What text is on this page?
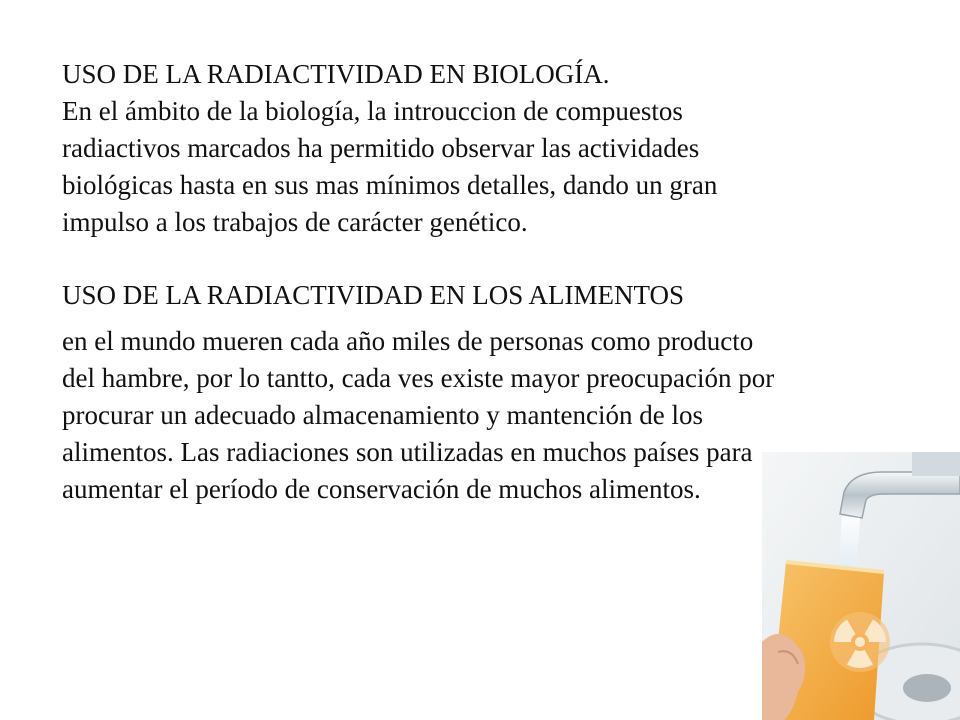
USO DE LA RADIACTIVIDAD EN BIOLOGÍA.

En el ámbito de la biología, la introuccion de compuestos
radiactivos marcados ha permitido observar las actividades
biológicas hasta en sus mas mínimos detalles, dando un gran
impulso a los trabajos de carácter genético.

USO DE LA RADIACTIVIDAD EN LOS ALIMENTOS

en el mundo mueren cada año miles de personas como producto
del hambre, por lo tantto, cada ves existe mayor preocupación por
procurar un adecuado almacenamiento y mantención de los
alimentos. Las radiaciones son utilizadas en muchos países para
aumentar el período de conservación de muchos alimentos.
